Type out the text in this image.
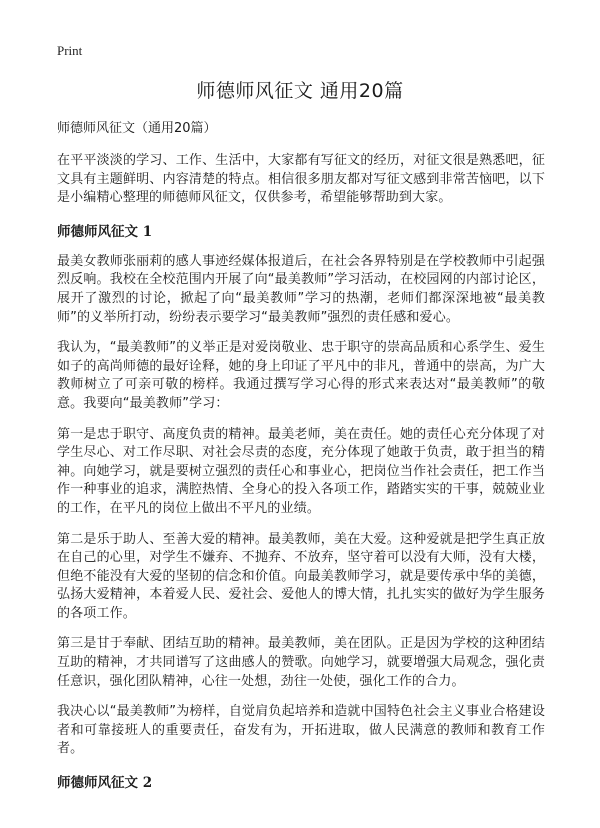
Print
师德师风征文 通用20篇
师德师风征文（通用20篇）

在平平淡淡的学习、工作、生活中，大家都有写征文的经历，对征文很是熟悉吧，征文具有主题鲜明、内容清楚的特点。相信很多朋友都对写征文感到非常苦恼吧，以下是小编精心整理的师德师风征文，仅供参考，希望能够帮助到大家。

师德师风征文 1

最美女教师张丽莉的感人事迹经媒体报道后，在社会各界特别是在学校教师中引起强烈反响。我校在全校范围内开展了向“最美教师”学习活动，在校园网的内部讨论区，展开了激烈的讨论，掀起了向“最美教师”学习的热潮，老师们都深深地被“最美教师”的义举所打动，纷纷表示要学习“最美教师”强烈的责任感和爱心。

我认为，“最美教师”的义举正是对爱岗敬业、忠于职守的崇高品质和心系学生、爱生如子的高尚师德的最好诠释，她的身上印证了平凡中的非凡，普通中的崇高，为广大教师树立了可亲可敬的榜样。我通过撰写学习心得的形式来表达对“最美教师”的敬意。我要向“最美教师”学习：

第一是忠于职守、高度负责的精神。最美老师，美在责任。她的责任心充分体现了对学生尽心、对工作尽职、对社会尽责的态度，充分体现了她敢于负责，敢于担当的精神。向她学习，就是要树立强烈的责任心和事业心，把岗位当作社会责任，把工作当作一种事业的追求，满腔热情、全身心的投入各项工作，踏踏实实的干事，兢兢业业的工作，在平凡的岗位上做出不平凡的业绩。

第二是乐于助人、至善大爱的精神。最美教师，美在大爱。这种爱就是把学生真正放在自己的心里，对学生不嫌弃、不抛弃、不放弃，坚守着可以没有大师，没有大楼，但绝不能没有大爱的坚韧的信念和价值。向最美教师学习，就是要传承中华的美德，弘扬大爱精神，本着爱人民、爱社会、爱他人的博大情，扎扎实实的做好为学生服务的各项工作。

第三是甘于奉献、团结互助的精神。最美教师，美在团队。正是因为学校的这种团结互助的精神，才共同谱写了这曲感人的赞歌。向她学习，就要增强大局观念，强化责任意识，强化团队精神，心往一处想，劲往一处使，强化工作的合力。

我决心以“最美教师”为榜样，自觉肩负起培养和造就中国特色社会主义事业合格建设者和可靠接班人的重要责任，奋发有为，开拓进取，做人民满意的教师和教育工作者。

师德师风征文 2
